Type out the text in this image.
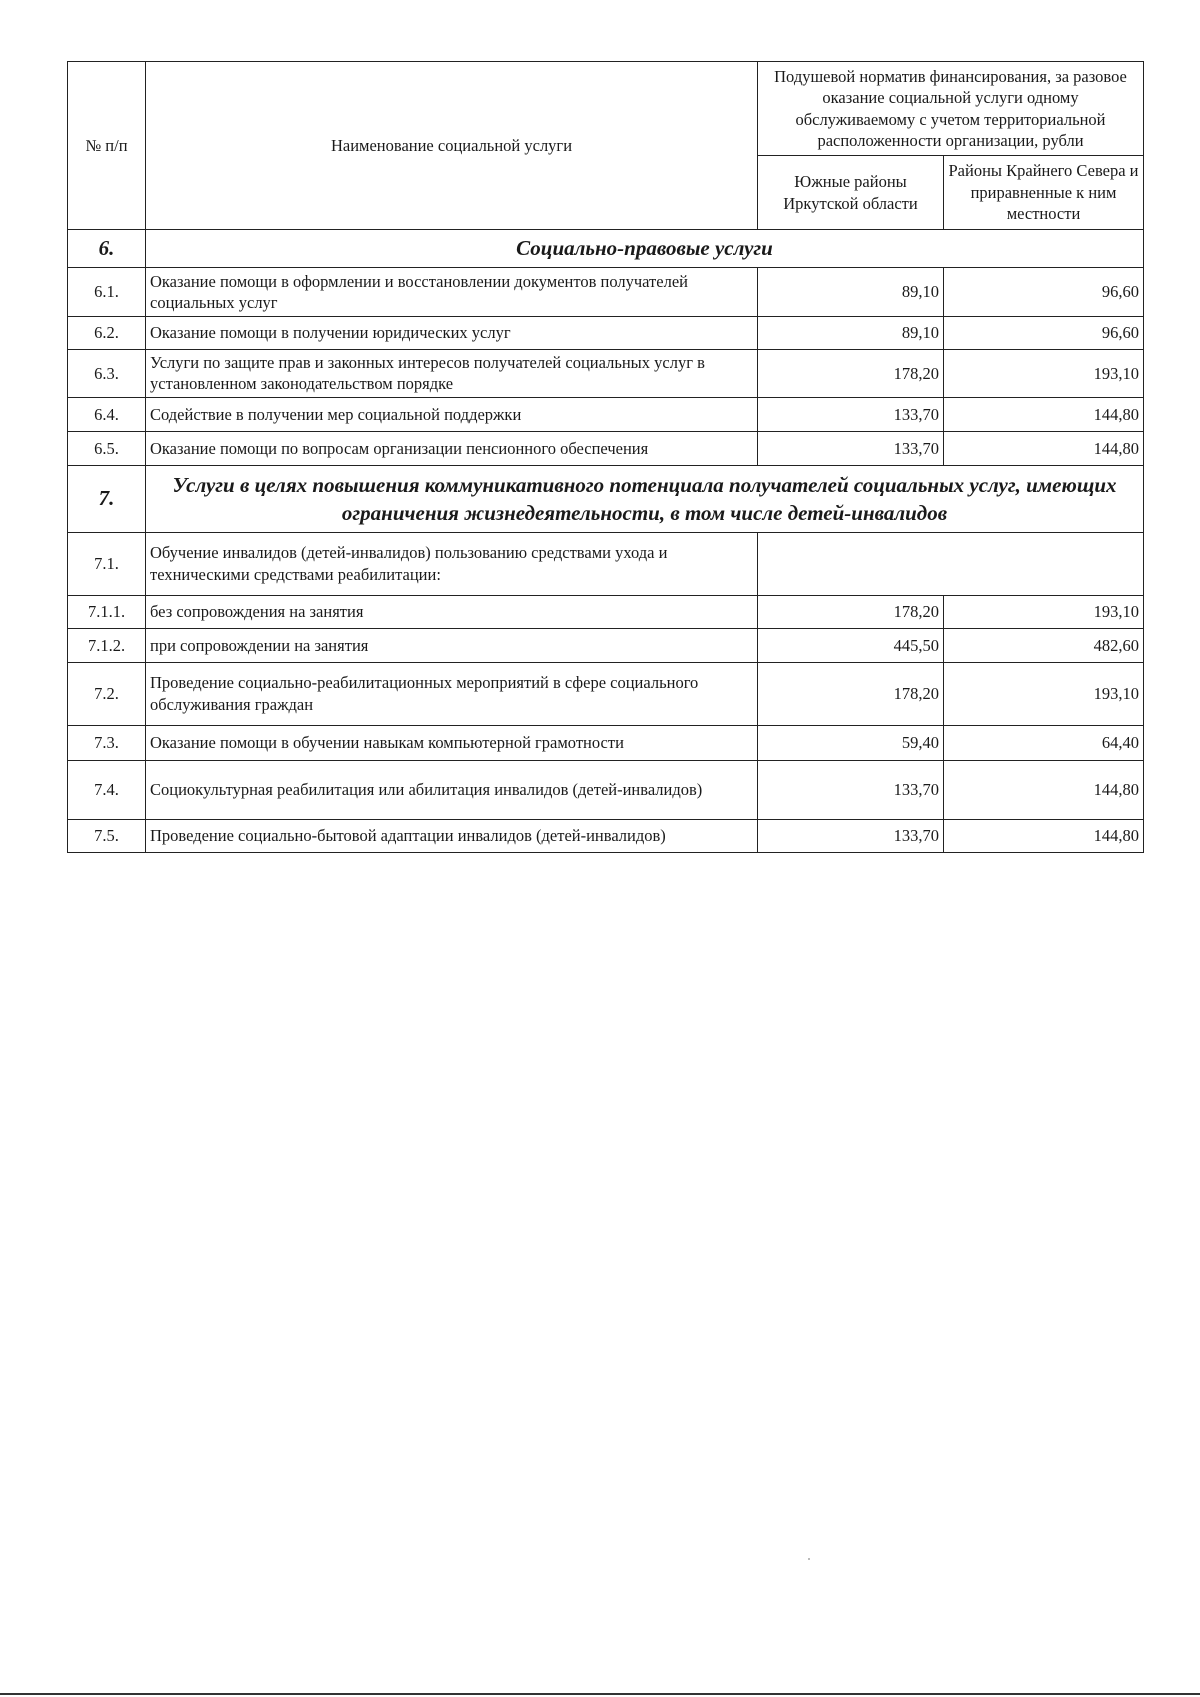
№ п/п	Наименование социальной услуги	Подушевой норматив финансирования, за разовое оказание социальной услуги одному обслуживаемому с учетом территориальной расположенности организации, рубли	
		Южные районы Иркутской области	Районы Крайнего Севера и приравненные к ним местности
6.	Социально-правовые услуги		
6.1.	Оказание помощи в оформлении и восстановлении документов получателей социальных услуг	89,10	96,60
6.2.	Оказание помощи в получении юридических услуг	89,10	96,60
6.3.	Услуги по защите прав и законных интересов получателей социальных услуг в установленном законодательством порядке	178,20	193,10
6.4.	Содействие в получении мер социальной поддержки	133,70	144,80
6.5.	Оказание помощи по вопросам организации пенсионного обеспечения	133,70	144,80
7.	Услуги в целях повышения коммуникативного потенциала получателей социальных услуг, имеющих ограничения жизнедеятельности, в том числе детей-инвалидов		
7.1.	Обучение инвалидов (детей-инвалидов) пользованию средствами ухода и техническими средствами реабилитации:		
7.1.1.	без сопровождения на занятия	178,20	193,10
7.1.2.	при сопровождении на занятия	445,50	482,60
7.2.	Проведение социально-реабилитационных мероприятий в сфере социального обслуживания граждан	178,20	193,10
7.3.	Оказание помощи в обучении навыкам компьютерной грамотности	59,40	64,40
7.4.	Социокультурная реабилитация или абилитация инвалидов (детей-инвалидов)	133,70	144,80
7.5.	Проведение социально-бытовой адаптации инвалидов (детей-инвалидов)	133,70	144,80
